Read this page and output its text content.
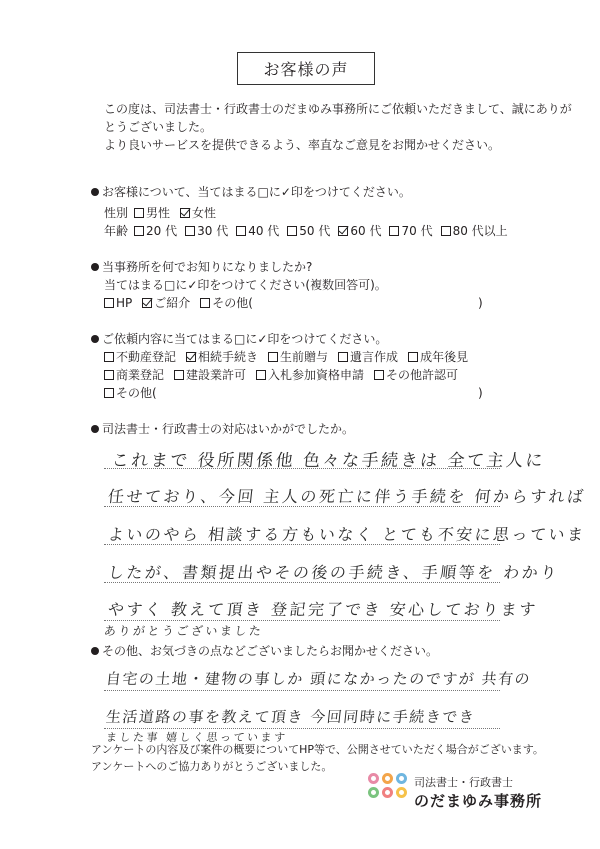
お客様の声
この度は、司法書士・行政書士のだまゆみ事務所にご依頼いただきまして、誠にありが
とうございました。
より良いサービスを提供できるよう、率直なご意見をお聞かせください。
お客様について、当てはまる□に✓印をつけてください。
性別 男性 女性
年齢 20 代 30 代 40 代 50 代 60 代 70 代 80 代以上
当事務所を何でお知りになりましたか?
当てはまる□に✓印をつけてください(複数回答可)。
HP ご紹介 その他(	)
ご依頼内容に当てはまる□に✓印をつけてください。
不動産登記 相続手続き 生前贈与 遺言作成 成年後見
商業登記 建設業許可 入札参加資格申請 その他許認可
その他(	)
司法書士・行政書士の対応はいかがでしたか。
これまで 役所関係他 色々な手続きは 全て主人に
任せており、今回 主人の死亡に伴う手続を 何からすれば
よいのやら 相談する方もいなく とても不安に思っていま
したが、書類提出やその後の手続き、手順等を わかり
やすく 教えて頂き 登記完了でき 安心しております
ありがとうございました
その他、お気づきの点などございましたらお聞かせください。
自宅の土地・建物の事しか 頭になかったのですが 共有の
生活道路の事を教えて頂き 今回同時に手続きでき
ました事 嬉しく思っています
アンケートの内容及び案件の概要についてHP等で、公開させていただく場合がございます。
アンケートへのご協力ありがとうございました。
司法書士・行政書士
のだまゆみ事務所
